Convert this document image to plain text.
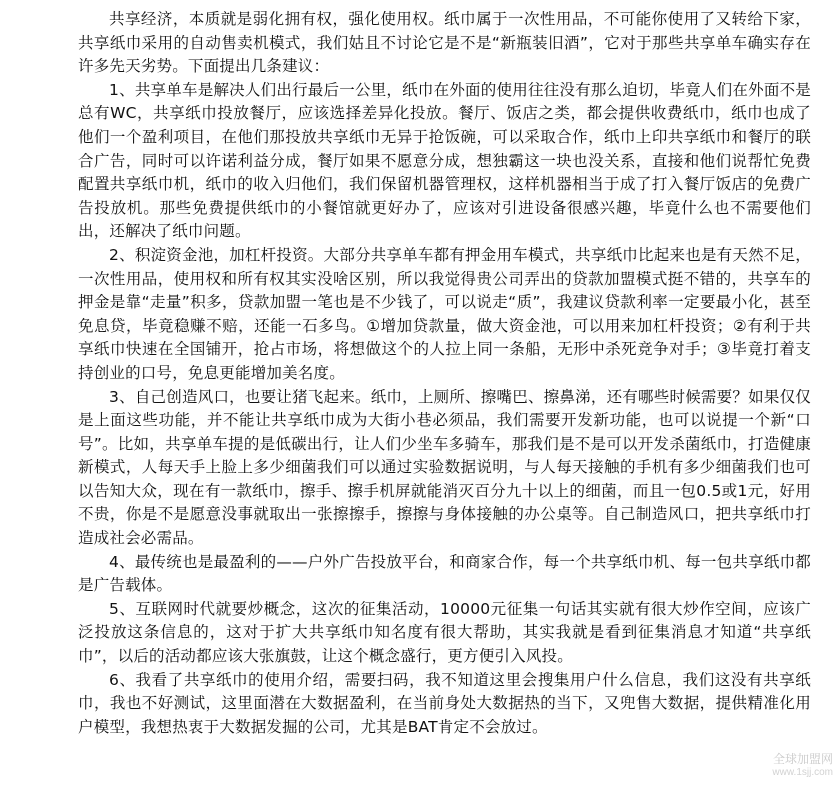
共享经济，本质就是弱化拥有权，强化使用权。纸巾属于一次性用品，不可能你使用了又转给下家，共享纸巾采用的自动售卖机模式，我们姑且不讨论它是不是“新瓶装旧酒”，它对于那些共享单车确实存在许多先天劣势。下面提出几条建议：

1、共享单车是解决人们出行最后一公里，纸巾在外面的使用往往没有那么迫切，毕竟人们在外面不是总有WC，共享纸巾投放餐厅，应该选择差异化投放。餐厅、饭店之类，都会提供收费纸巾，纸巾也成了他们一个盈利项目，在他们那投放共享纸巾无异于抢饭碗，可以采取合作，纸巾上印共享纸巾和餐厅的联合广告，同时可以许诺利益分成，餐厅如果不愿意分成，想独霸这一块也没关系，直接和他们说帮忙免费配置共享纸巾机，纸巾的收入归他们，我们保留机器管理权，这样机器相当于成了打入餐厅饭店的免费广告投放机。那些免费提供纸巾的小餐馆就更好办了，应该对引进设备很感兴趣，毕竟什么也不需要他们出，还解决了纸巾问题。

2、积淀资金池，加杠杆投资。大部分共享单车都有押金用车模式，共享纸巾比起来也是有天然不足，一次性用品，使用权和所有权其实没啥区别，所以我觉得贵公司弄出的贷款加盟模式挺不错的，共享车的押金是靠“走量”积多，贷款加盟一笔也是不少钱了，可以说走“质”，我建议贷款利率一定要最小化，甚至免息贷，毕竟稳赚不赔，还能一石多鸟。①增加贷款量，做大资金池，可以用来加杠杆投资；②有利于共享纸巾快速在全国铺开，抢占市场，将想做这个的人拉上同一条船，无形中杀死竞争对手；③毕竟打着支持创业的口号，免息更能增加美名度。

3、自己创造风口，也要让猪飞起来。纸巾，上厕所、擦嘴巴、擦鼻涕，还有哪些时候需要？如果仅仅是上面这些功能，并不能让共享纸巾成为大街小巷必须品，我们需要开发新功能，也可以说提一个新“口号”。比如，共享单车提的是低碳出行，让人们少坐车多骑车，那我们是不是可以开发杀菌纸巾，打造健康新模式，人每天手上脸上多少细菌我们可以通过实验数据说明，与人每天接触的手机有多少细菌我们也可以告知大众，现在有一款纸巾，擦手、擦手机屏就能消灭百分九十以上的细菌，而且一包0.5或1元，好用不贵，你是不是愿意没事就取出一张擦擦手，擦擦与身体接触的办公桌等。自己制造风口，把共享纸巾打造成社会必需品。

4、最传统也是最盈利的——户外广告投放平台，和商家合作，每一个共享纸巾机、每一包共享纸巾都是广告载体。

5、互联网时代就要炒概念，这次的征集活动，10000元征集一句话其实就有很大炒作空间，应该广泛投放这条信息的，这对于扩大共享纸巾知名度有很大帮助，其实我就是看到征集消息才知道“共享纸巾”，以后的活动都应该大张旗鼓，让这个概念盛行，更方便引入风投。

6、我看了共享纸巾的使用介绍，需要扫码，我不知道这里会搜集用户什么信息，我们这没有共享纸巾，我也不好测试，这里面潜在大数据盈利，在当前身处大数据热的当下，又兜售大数据，提供精准化用户模型，我想热衷于大数据发掘的公司，尤其是BAT肯定不会放过。

全球加盟网
www.1sjj.com
